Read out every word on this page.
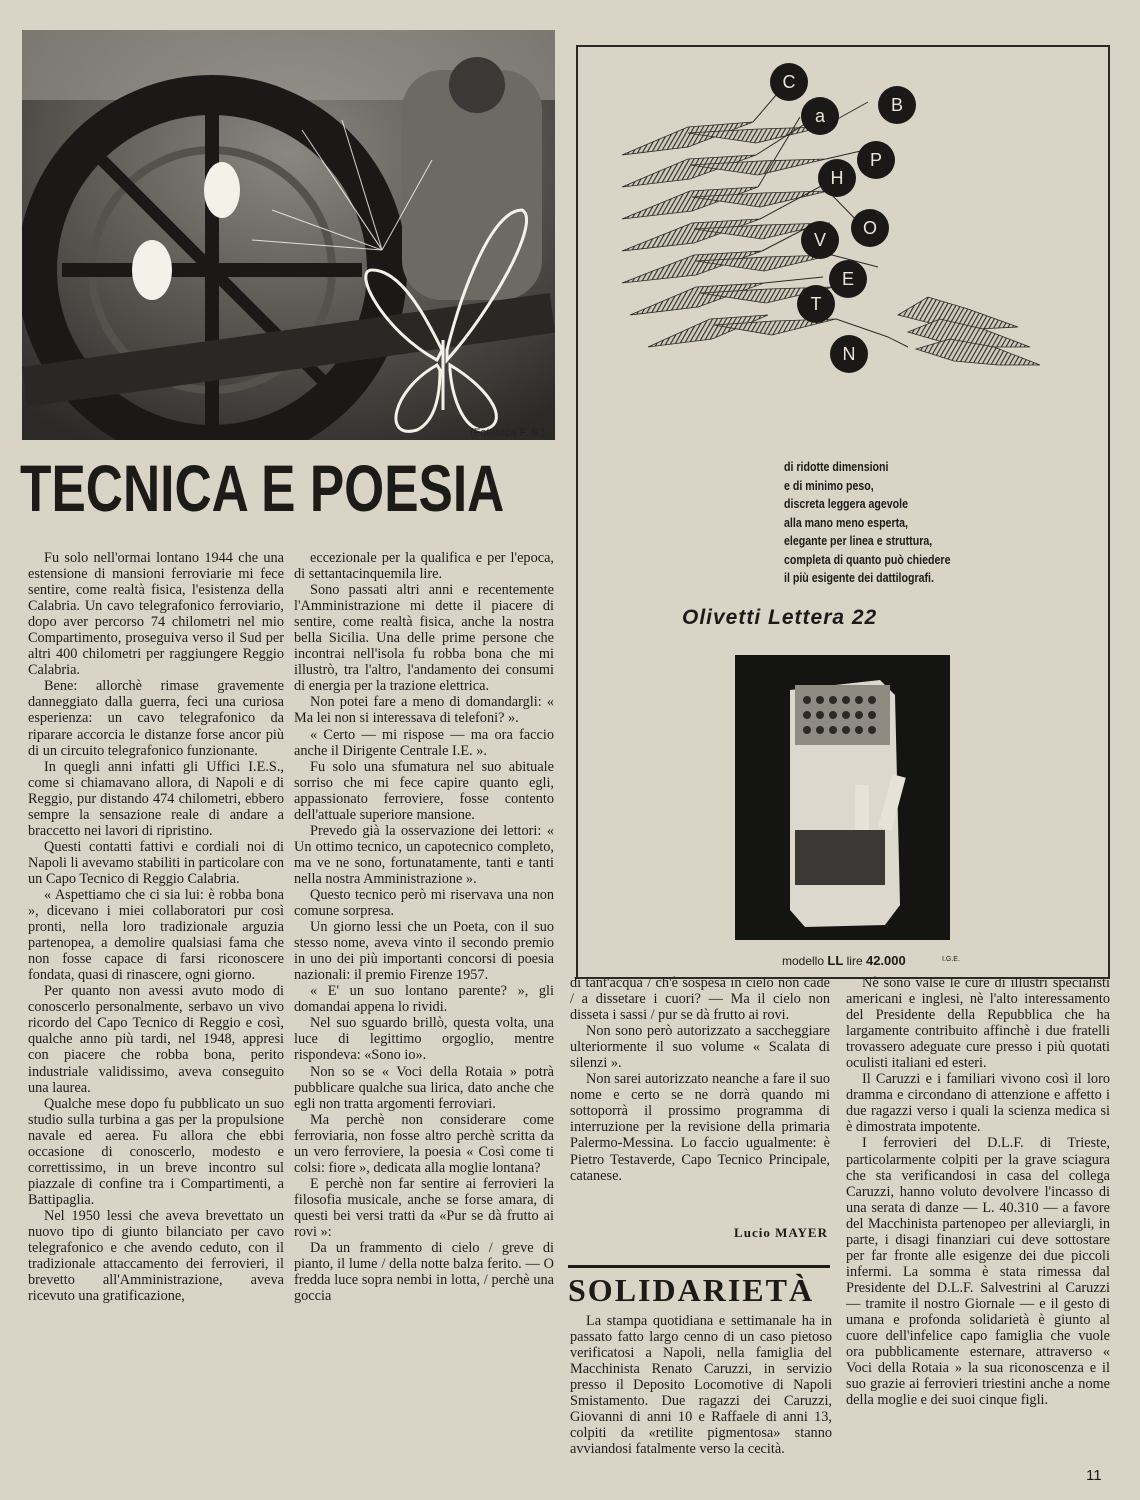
(Fototeca F. S.)
TECNICA E POESIA

Fu solo nell'ormai lontano 1944 che una estensione di mansioni ferroviarie mi fece sentire, come realtà fisica, l'esistenza della Calabria. Un cavo telegrafonico ferroviario, dopo aver percorso 74 chilometri nel mio Compartimento, proseguiva verso il Sud per altri 400 chilometri per raggiungere Reggio Calabria.

Bene: allorchè rimase gravemente danneggiato dalla guerra, feci una curiosa esperienza: un cavo telegrafonico da riparare accorcia le distanze forse ancor più di un circuito telegrafonico funzionante.

In quegli anni infatti gli Uffici I.E.S., come si chiamavano allora, di Napoli e di Reggio, pur distando 474 chilometri, ebbero sempre la sensazione reale di andare a braccetto nei lavori di ripristino.

Questi contatti fattivi e cordiali noi di Napoli li avevamo stabiliti in particolare con un Capo Tecnico di Reggio Calabria.

« Aspettiamo che ci sia lui: è robba bona », dicevano i miei collaboratori pur così pronti, nella loro tradizionale arguzia partenopea, a demolire qualsiasi fama che non fosse capace di farsi riconoscere fondata, quasi di rinascere, ogni giorno.

Per quanto non avessi avuto modo di conoscerlo personalmente, serbavo un vivo ricordo del Capo Tecnico di Reggio e così, qualche anno più tardi, nel 1948, appresi con piacere che robba bona, perito industriale validissimo, aveva conseguito una laurea.

Qualche mese dopo fu pubblicato un suo studio sulla turbina a gas per la propulsione navale ed aerea. Fu allora che ebbi occasione di conoscerlo, modesto e correttissimo, in un breve incontro sul piazzale di confine tra i Compartimenti, a Battipaglia.

Nel 1950 lessi che aveva brevettato un nuovo tipo di giunto bilanciato per cavo telegrafonico e che avendo ceduto, con il tradizionale attaccamento dei ferrovieri, il brevetto all'Amministrazione, aveva ricevuto una gratificazione,

eccezionale per la qualifica e per l'epoca, di settantacinquemila lire.

Sono passati altri anni e recentemente l'Amministrazione mi dette il piacere di sentire, come realtà fisica, anche la nostra bella Sicilia. Una delle prime persone che incontrai nell'isola fu robba bona che mi illustrò, tra l'altro, l'andamento dei consumi di energia per la trazione elettrica.

Non potei fare a meno di domandargli: « Ma lei non si interessava di telefoni? ».

« Certo — mi rispose — ma ora faccio anche il Dirigente Centrale I.E. ».

Fu solo una sfumatura nel suo abituale sorriso che mi fece capire quanto egli, appassionato ferroviere, fosse contento dell'attuale superiore mansione.

Prevedo già la osservazione dei lettori: « Un ottimo tecnico, un capotecnico completo, ma ve ne sono, fortunatamente, tanti e tanti nella nostra Amministrazione ».

Questo tecnico però mi riservava una non comune sorpresa.

Un giorno lessi che un Poeta, con il suo stesso nome, aveva vinto il secondo premio in uno dei più importanti concorsi di poesia nazionali: il premio Firenze 1957.

« E' un suo lontano parente? », gli domandai appena lo rividi.

Nel suo sguardo brillò, questa volta, una luce di legittimo orgoglio, mentre rispondeva: «Sono io».

Non so se « Voci della Rotaia » potrà pubblicare qualche sua lirica, dato anche che egli non tratta argomenti ferroviari.

Ma perchè non considerare come ferroviaria, non fosse altro perchè scritta da un vero ferroviere, la poesia « Così come ti colsi: fiore », dedicata alla moglie lontana?

E perchè non far sentire ai ferrovieri la filosofia musicale, anche se forse amara, di questi bei versi tratti da «Pur se dà frutto ai rovi »:

Da un frammento di cielo / greve di pianto, il lume / della notte balza ferito. — O fredda luce sopra nembi in lotta, / perchè una goccia

di tant'acqua / ch'è sospesa in cielo non cade / a dissetare i cuori? — Ma il cielo non disseta i sassi / pur se dà frutto ai rovi.

Non sono però autorizzato a saccheggiare ulteriormente il suo volume « Scalata di silenzi ».

Non sarei autorizzato neanche a fare il suo nome e certo se ne dorrà quando mi sottoporrà il prossimo programma di interruzione per la revisione della primaria Palermo-Messina. Lo faccio ugualmente: è Pietro Testaverde, Capo Tecnico Principale, catanese.

Lucio MAYER
SOLIDARIETÀ

La stampa quotidiana e settimanale ha in passato fatto largo cenno di un caso pietoso verificatosi a Napoli, nella famiglia del Macchinista Renato Caruzzi, in servizio presso il Deposito Locomotive di Napoli Smistamento. Due ragazzi dei Caruzzi, Giovanni di anni 10 e Raffaele di anni 13, colpiti da «retilite pigmentosa» stanno avviandosi fatalmente verso la cecità.

Nè sono valse le cure di illustri specialisti americani e inglesi, nè l'alto interessamento del Presidente della Repubblica che ha largamente contribuito affinchè i due fratelli trovassero adeguate cure presso i più quotati oculisti italiani ed esteri.

Il Caruzzi e i familiari vivono così il loro dramma e circondano di attenzione e affetto i due ragazzi verso i quali la scienza medica si è dimostrata impotente.

I ferrovieri del D.L.F. di Trieste, particolarmente colpiti per la grave sciagura che sta verificandosi in casa del collega Caruzzi, hanno voluto devolvere l'incasso di una serata di danze — L. 40.310 — a favore del Macchinista partenopeo per alleviargli, in parte, i disagi finanziari cui deve sottostare per far fronte alle esigenze dei due piccoli infermi. La somma è stata rimessa dal Presidente del D.L.F. Salvestrini al Caruzzi — tramite il nostro Giornale — e il gesto di umana e profonda solidarietà è giunto al cuore dell'infelice capo famiglia che vuole ora pubblicamente esternare, attraverso « Voci della Rotaia » la sua riconoscenza e il suo grazie ai ferrovieri triestini anche a nome della moglie e dei suoi cinque figli.

C
B
a
P
H
O
V
E
T
N
di ridotte dimensioni
e di minimo peso,
discreta leggera agevole
alla mano meno esperta,
elegante per linea e struttura,
completa di quanto può chiedere
il più esigente dei dattilografi.
Olivetti Lettera 22
modello LL lire 42.000	I.G.E.
11
